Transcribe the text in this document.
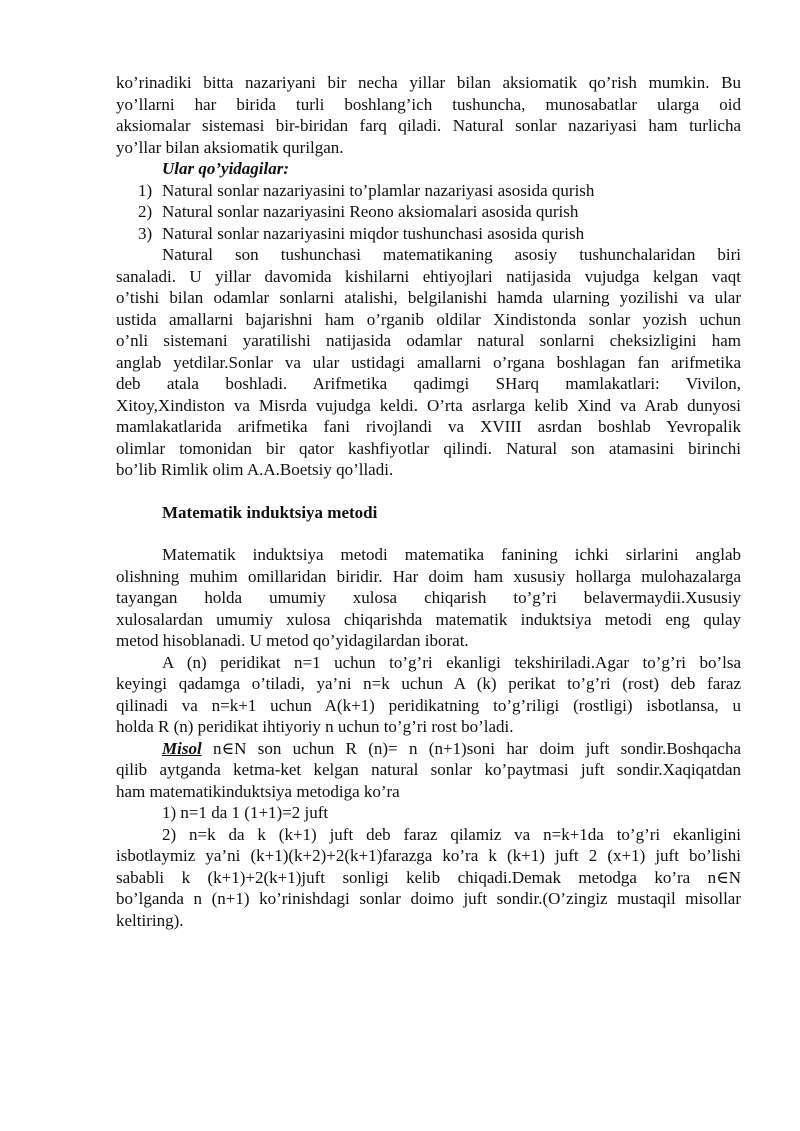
ko’rinadiki bitta nazariyani bir necha yillar bilan aksiomatik qo’rish mumkin. Bu

yo’llarni har birida turli boshlang’ich tushuncha, munosabatlar ularga oid

aksiomalar sistemasi bir-biridan farq qiladi. Natural sonlar nazariyasi ham turlicha

yo’llar bilan aksiomatik qurilgan.

Ular qo’yidagilar:

1) Natural sonlar nazariyasini to’plamlar nazariyasi asosida qurish
2) Natural sonlar nazariyasini Reono aksiomalari asosida qurish
3) Natural sonlar nazariyasini miqdor tushunchasi asosida qurish

Natural son tushunchasi matematikaning asosiy tushunchalaridan biri

sanaladi. U yillar davomida kishilarni ehtiyojlari natijasida vujudga kelgan vaqt

o’tishi bilan odamlar sonlarni atalishi, belgilanishi hamda ularning yozilishi va ular

ustida amallarni bajarishni ham o’rganib oldilar Xindistonda sonlar yozish uchun

o’nli sistemani yaratilishi natijasida odamlar natural sonlarni cheksizligini ham

anglab yetdilar.Sonlar va ular ustidagi amallarni o’rgana boshlagan fan arifmetika

deb atala boshladi. Arifmetika qadimgi SHarq mamlakatlari: Vivilon,

Xitoy,Xindiston va Misrda vujudga keldi. O’rta asrlarga kelib Xind va Arab dunyosi

mamlakatlarida arifmetika fani rivojlandi va XVIII asrdan boshlab Yevropalik

olimlar tomonidan bir qator kashfiyotlar qilindi. Natural son atamasini birinchi

bo’lib Rimlik olim A.A.Boetsiy qo’lladi.

Matematik induktsiya metodi

Matematik induktsiya metodi matematika fanining ichki sirlarini anglab

olishning muhim omillaridan biridir. Har doim ham xususiy hollarga mulohazalarga

tayangan holda umumiy xulosa chiqarish to’g’ri belavermaydii.Xususiy

xulosalardan umumiy xulosa chiqarishda matematik induktsiya metodi eng qulay

metod hisoblanadi. U metod qo’yidagilardan iborat.

A (n) peridikat n=1 uchun to’g’ri ekanligi tekshiriladi.Agar to’g’ri bo’lsa

keyingi qadamga o’tiladi, ya’ni n=k uchun A (k) perikat to’g’ri (rost) deb faraz

qilinadi va n=k+1 uchun A(k+1) peridikatning to’g’riligi (rostligi) isbotlansa, u

holda R (n) peridikat ihtiyoriy n uchun to’g’ri rost bo’ladi.

Misol n∈N son uchun R (n)= n (n+1)soni har doim juft sondir.Boshqacha

qilib aytganda ketma-ket kelgan natural sonlar ko’paytmasi juft sondir.Xaqiqatdan

ham matematikinduktsiya metodiga ko’ra

1) n=1 da 1 (1+1)=2 juft

2) n=k da k (k+1) juft deb faraz qilamiz va n=k+1da to’g’ri ekanligini

isbotlaymiz ya’ni (k+1)(k+2)+2(k+1)farazga ko’ra k (k+1) juft 2 (x+1) juft bo’lishi

sababli k (k+1)+2(k+1)juft sonligi kelib chiqadi.Demak metodga ko’ra n∈N

bo’lganda n (n+1) ko’rinishdagi sonlar doimo juft sondir.(O’zingiz mustaqil misollar

keltiring).
